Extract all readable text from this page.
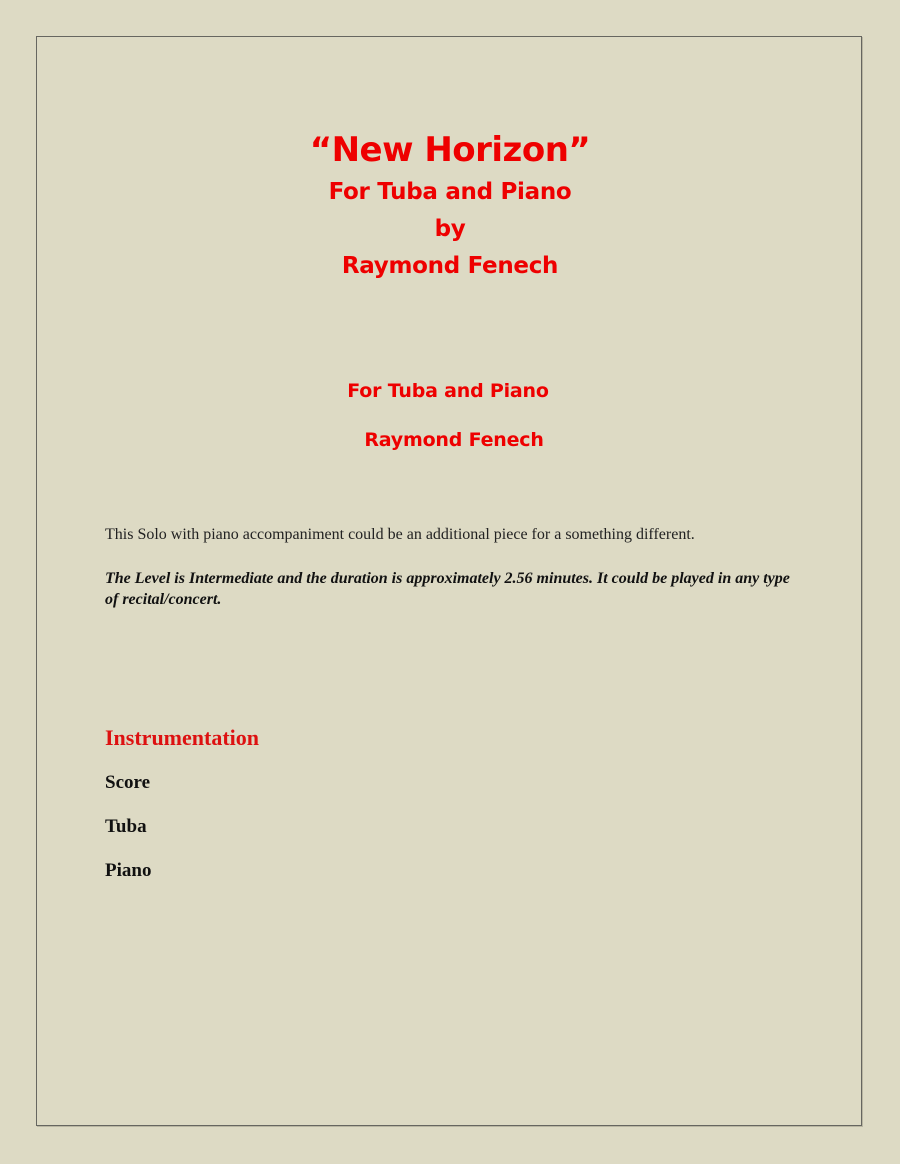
“New Horizon”
For Tuba and Piano
by
Raymond Fenech
For Tuba and Piano
Raymond Fenech
This Solo with piano accompaniment could be an additional piece for a something different.
The Level is Intermediate and the duration is approximately 2.56 minutes. It could be played in any type of recital/concert.
Instrumentation
Score
Tuba
Piano
